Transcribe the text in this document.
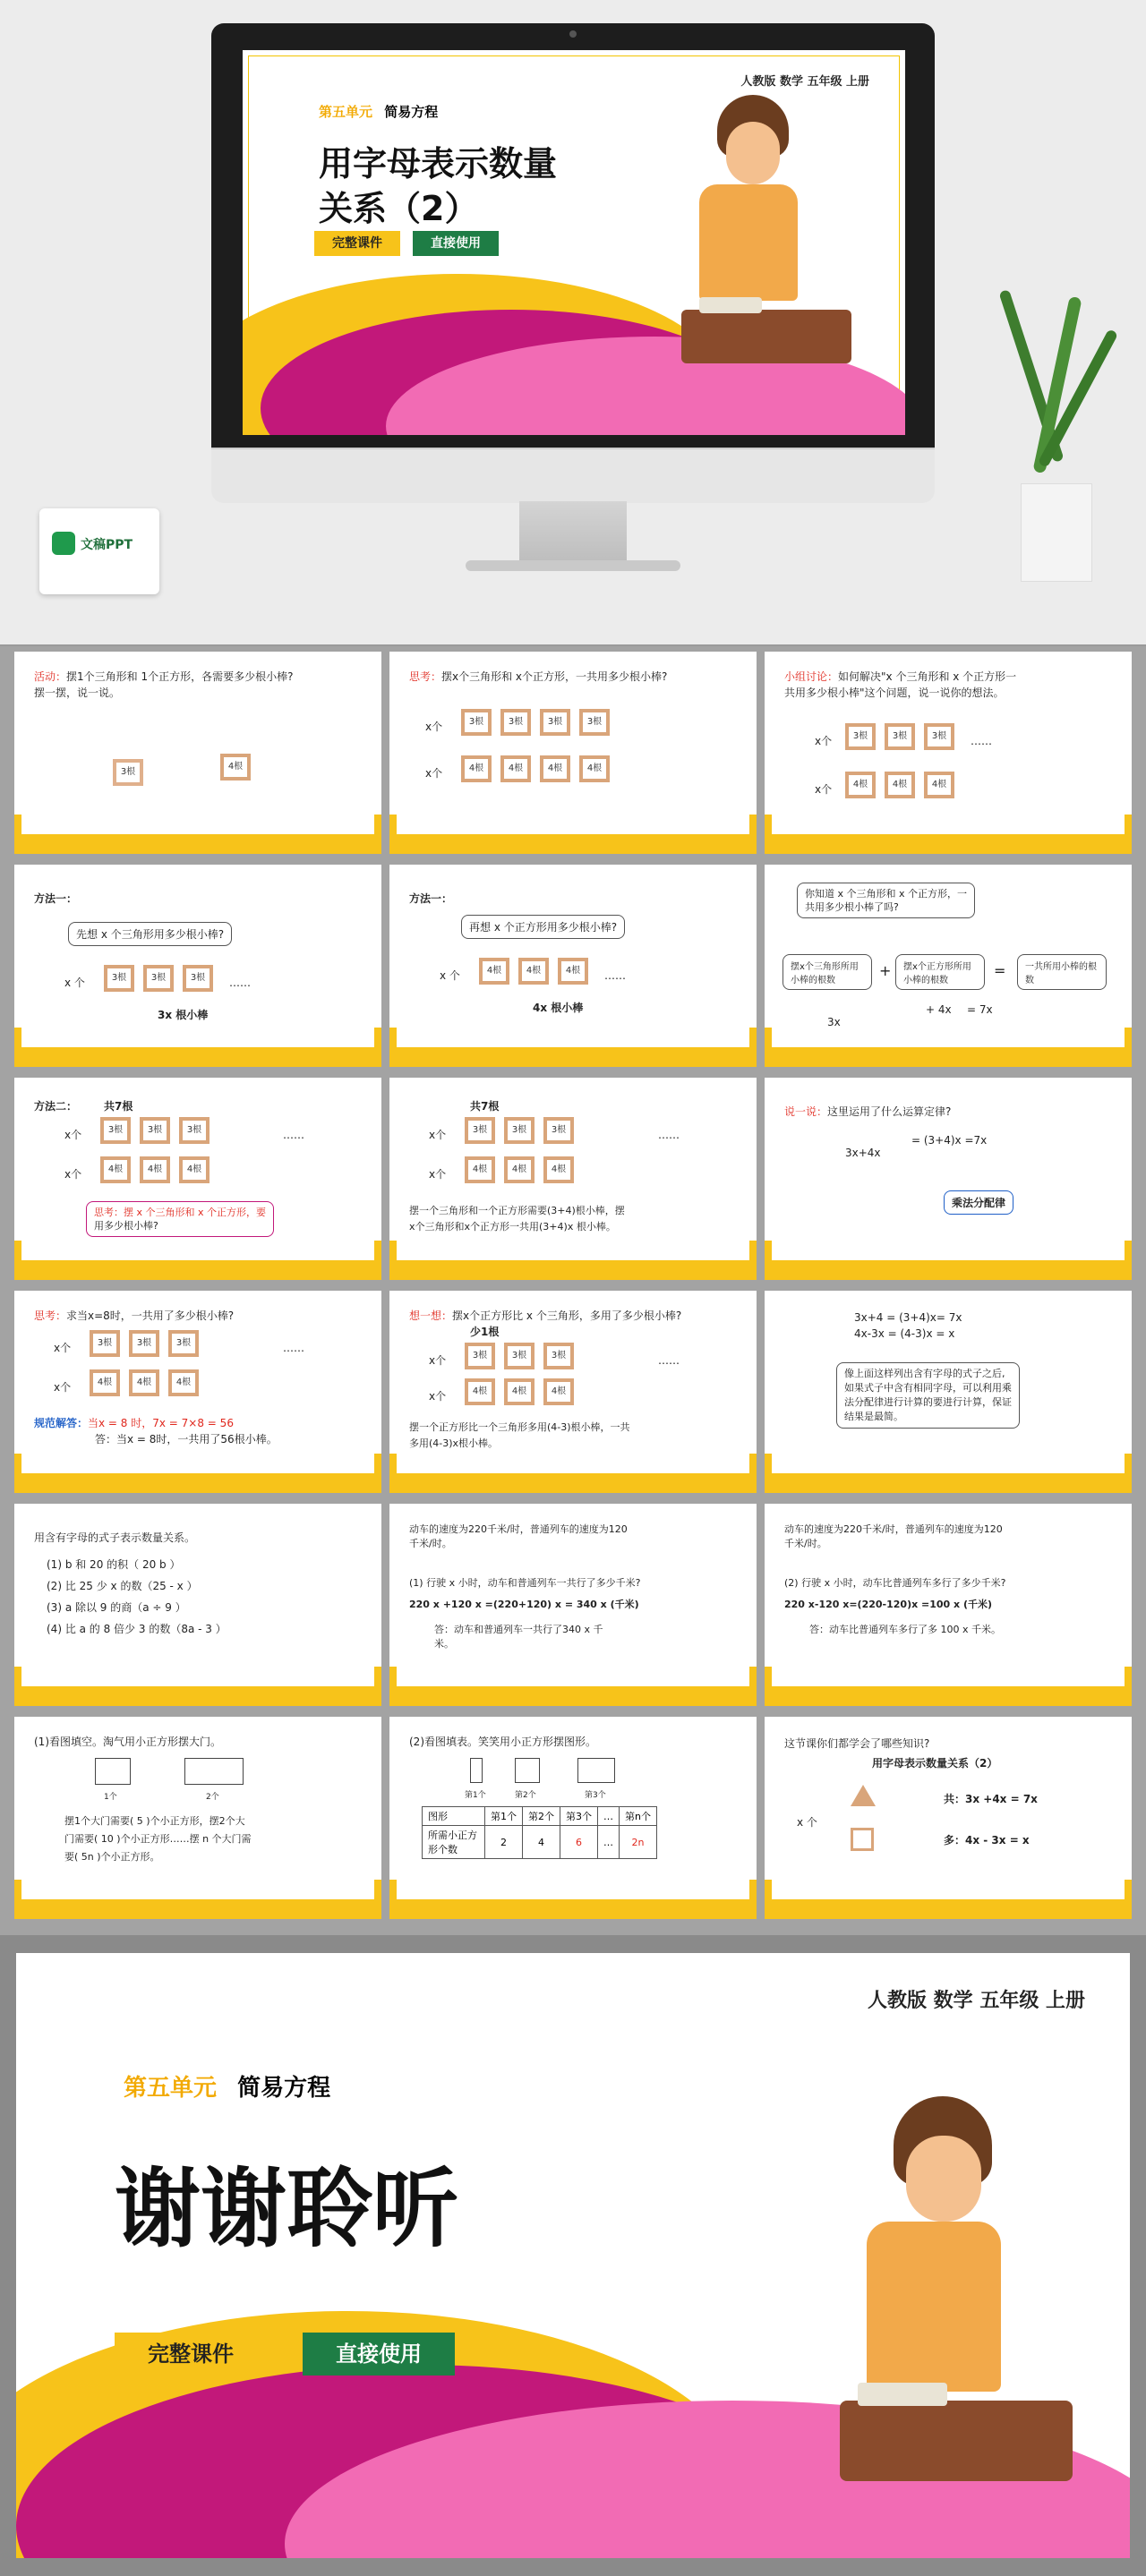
人教版 数学 五年级 上册
第五单元 简易方程
用字母表示数量
关系（2）
完整课件	直接使用
文稿PPT
活动：摆1个三角形和 1个正方形，各需要多少根小棒?
摆一摆，说一说。
3根
4根
思考：摆x个三角形和 x个正方形，一共用多少根小棒?
x个	3根	3根	3根	3根
x个	4根	4根	4根	4根
小组讨论：如何解决"x 个三角形和 x 个正方形一
共用多少根小棒"这个问题，说一说你的想法。
x个	3根	3根	3根	……
x个	4根	4根	4根
方法一：
先想 x 个三角形用多少根小棒?
x 个	3根	3根	3根	……
3x 根小棒
方法一：
再想 x 个正方形用多少根小棒?
x 个	4根	4根	4根	……
4x 根小棒
你知道 x 个三角形和 x 个正方形，一
共用多少根小棒了吗?
摆x个三角形所用小棒的根数
+	摆x个正方形所用小棒的根数
=	一共所用小棒的根数
3x
+ 4x = 7x
方法二： 共7根
x个	3根	3根	3根	……
x个	4根	4根	4根
思考：摆 x 个三角形和 x 个正方形，要
用多少根小棒?
共7根
x个	3根	3根	3根	……
x个	4根	4根	4根
摆一个三角形和一个正方形需要(3+4)根小棒，摆
x个三角形和x个正方形一共用(3+4)x 根小棒。
说一说：这里运用了什么运算定律?
3x+4x
= (3+4)x =7x
乘法分配律
思考：求当x=8时，一共用了多少根小棒?
x个	3根	3根	3根	……
x个	4根	4根	4根
规范解答：当x = 8 时，7x = 7×8 = 56
答：当x = 8时，一共用了56根小棒。
想一想：摆x个正方形比 x 个三角形，多用了多少根小棒?
少1根
x个	3根	3根	3根	……
x个	4根	4根	4根
摆一个正方形比一个三角形多用(4-3)根小棒，一共
多用(4-3)x根小棒。
3x+4 = (3+4)x= 7x
4x-3x = (4-3)x = x
像上面这样列出含有字母的式子之后,
如果式子中含有相同字母，可以利用乘
法分配律进行计算的要进行计算，保证
结果是最简。
用含有字母的式子表示数量关系。
(1) b 和 20 的积（ 20 b ）
(2) 比 25 少 x 的数（25 - x ）
(3) a 除以 9 的商（a ÷ 9 ）
(4) 比 a 的 8 倍少 3 的数（8a - 3 ）
动车的速度为220千米/时，普通列车的速度为120
千米/时。
(1) 行驶 x 小时，动车和普通列车一共行了多少千米?
220 x +120 x =(220+120) x = 340 x (千米)
答：动车和普通列车一共行了340 x 千
米。
动车的速度为220千米/时，普通列车的速度为120
千米/时。
(2) 行驶 x 小时，动车比普通列车多行了多少千米?
220 x-120 x=(220-120)x =100 x (千米)
答：动车比普通列车多行了多 100 x 千米。
(1)看图填空。淘气用小正方形摆大门。
1个	2个
摆1个大门需要( 5 )个小正方形，摆2个大
门需要( 10 )个小正方形……摆 n 个大门需
要( 5n )个小正方形。
(2)看图填表。笑笑用小正方形摆图形。
第1个	第2个	第3个
图形	第1个	第2个	第3个	…	第n个
所需小正方形个数	2	4	6	…	2n
这节课你们都学会了哪些知识?
用字母表示数量关系（2）
x 个
共：3x +4x = 7x
多：4x - 3x = x
人教版 数学 五年级 上册
第五单元 简易方程
谢谢聆听
完整课件	直接使用
